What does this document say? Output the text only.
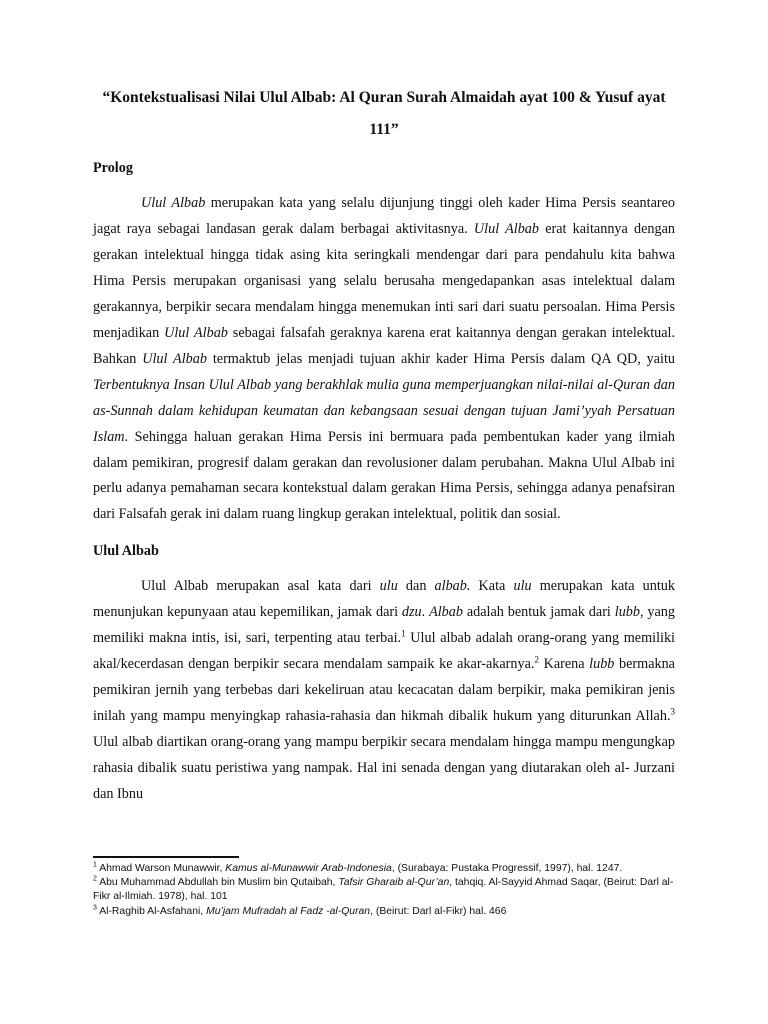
“Kontekstualisasi Nilai Ulul Albab: Al Quran Surah Almaidah ayat 100 & Yusuf ayat 111”
Prolog

Ulul Albab merupakan kata yang selalu dijunjung tinggi oleh kader Hima Persis seantareo jagat raya sebagai landasan gerak dalam berbagai aktivitasnya. Ulul Albab erat kaitannya dengan gerakan intelektual hingga tidak asing kita seringkali mendengar dari para pendahulu kita bahwa Hima Persis merupakan organisasi yang selalu berusaha mengedapankan asas intelektual dalam gerakannya, berpikir secara mendalam hingga menemukan inti sari dari suatu persoalan. Hima Persis menjadikan Ulul Albab sebagai falsafah geraknya karena erat kaitannya dengan gerakan intelektual. Bahkan Ulul Albab termaktub jelas menjadi tujuan akhir kader Hima Persis dalam QA QD, yaitu Terbentuknya Insan Ulul Albab yang berakhlak mulia guna memperjuangkan nilai-nilai al-Quran dan as-Sunnah dalam kehidupan keumatan dan kebangsaan sesuai dengan tujuan Jami’yyah Persatuan Islam. Sehingga haluan gerakan Hima Persis ini bermuara pada pembentukan kader yang ilmiah dalam pemikiran, progresif dalam gerakan dan revolusioner dalam perubahan. Makna Ulul Albab ini perlu adanya pemahaman secara kontekstual dalam gerakan Hima Persis, sehingga adanya penafsiran dari Falsafah gerak ini dalam ruang lingkup gerakan intelektual, politik dan sosial.

Ulul Albab

Ulul Albab merupakan asal kata dari ulu dan albab. Kata ulu merupakan kata untuk menunjukan kepunyaan atau kepemilikan, jamak dari dzu. Albab adalah bentuk jamak dari lubb, yang memiliki makna intis, isi, sari, terpenting atau terbai.$^1$ Ulul albab adalah orang-orang yang memiliki akal/kecerdasan dengan berpikir secara mendalam sampaik ke akar-akarnya.$^2$ Karena lubb bermakna pemikiran jernih yang terbebas dari kekeliruan atau kecacatan dalam berpikir, maka pemikiran jenis inilah yang mampu menyingkap rahasia-rahasia dan hikmah dibalik hukum yang diturunkan Allah.$^3$ Ulul albab diartikan orang-orang yang mampu berpikir secara mendalam hingga mampu mengungkap rahasia dibalik suatu peristiwa yang nampak. Hal ini senada dengan yang diutarakan oleh al- Jurzani dan Ibnu

$^1$ Ahmad Warson Munawwir, Kamus al-Munawwir Arab-Indonesia, (Surabaya: Pustaka Progressif, 1997), hal. 1247.

$^2$ Abu Muhammad Abdullah bin Muslim bin Qutaibah, Tafsir Gharaib al-Qur’an, tahqiq. Al-Sayyid Ahmad Saqar, (Beirut: Darl al-Fikr al-Ilmiah. 1978), hal. 101

$^3$ Al-Raghib Al-Asfahani, Mu’jam Mufradah al Fadz -al-Quran, (Beirut: Darl al-Fikr) hal. 466
